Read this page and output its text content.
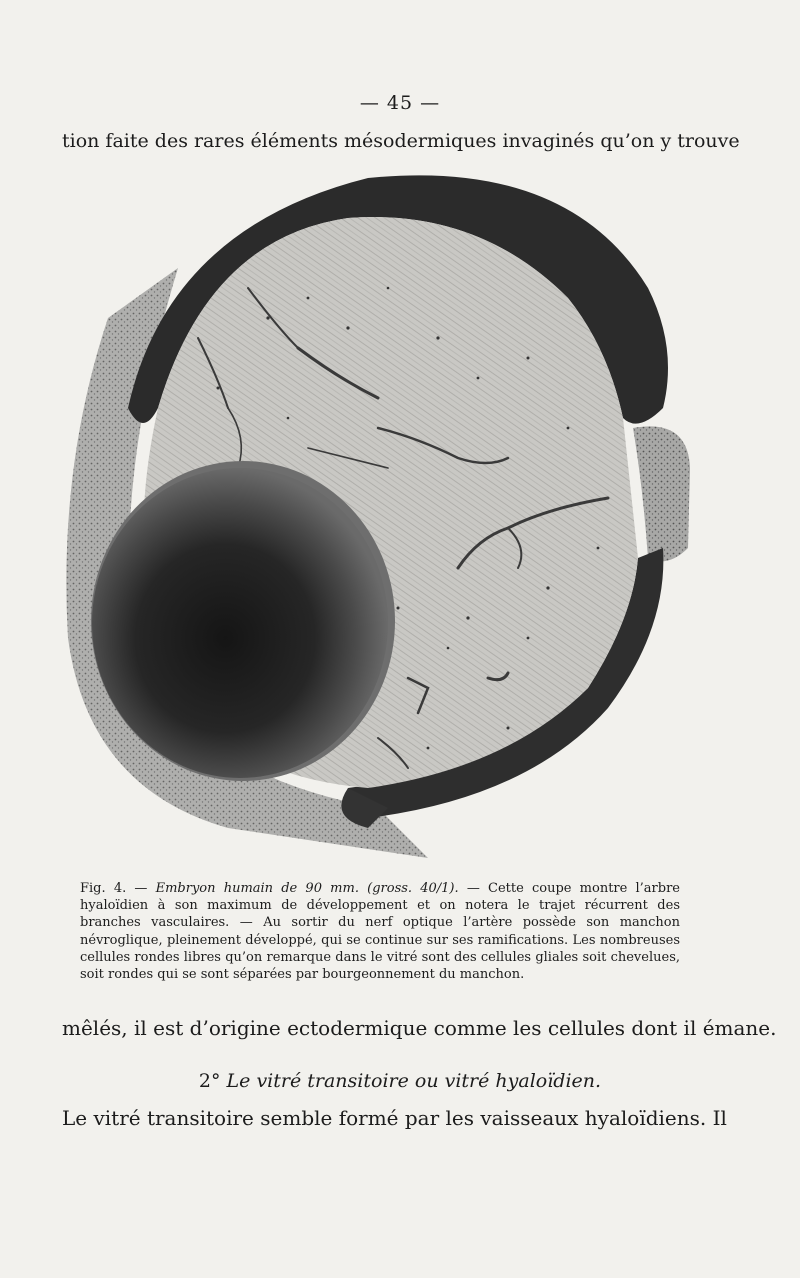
— 45 —
tion faite des rares éléments mésodermiques invaginés qu’on y trouve
Fig. 4. — Embryon humain de 90 mm. (gross. 40/1). — Cette coupe montre l’arbre hyaloïdien à son maximum de développement et on notera le trajet récurrent des branches vasculaires. — Au sortir du nerf optique l’artère possède son manchon névroglique, pleinement développé, qui se continue sur ses ramifications. Les nombreuses cellules rondes libres qu’on remarque dans le vitré sont des cellules gliales soit chevelues, soit rondes qui se sont séparées par bourgeonnement du manchon.
mêlés, il est d’origine ectodermique comme les cellules dont il émane.
2° Le vitré transitoire ou vitré hyaloïdien.
Le vitré transitoire semble formé par les vaisseaux hyaloïdiens. Il
